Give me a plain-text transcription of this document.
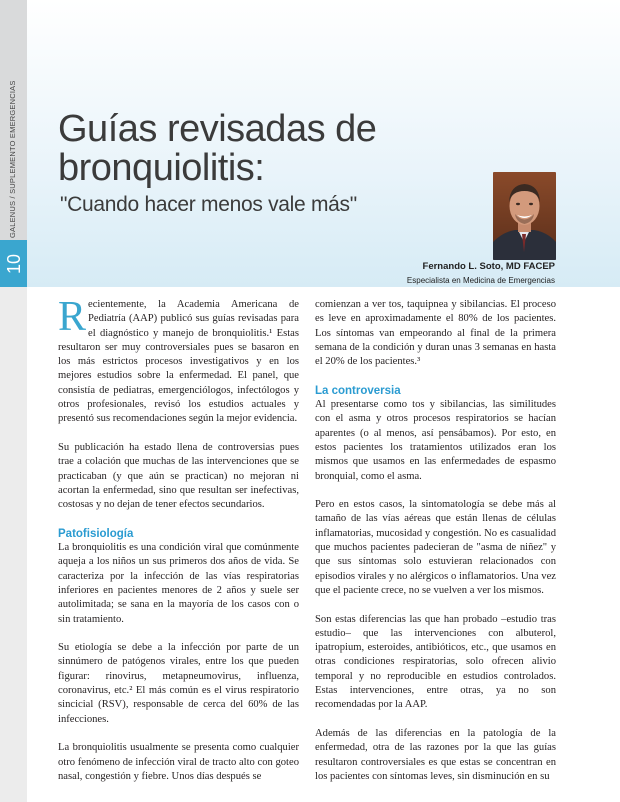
GALENUS / SUPLEMENTO EMERGENCIAS
10
Guías revisadas de
bronquiolitis:
"Cuando hacer menos vale más"
Fernando L. Soto, MD FACEP
Especialista en Medicina de Emergencias

Recientemente, la Academia Americana de Pediatría (AAP) publicó sus guías revisadas para el diagnóstico y manejo de bronquiolitis.¹ Estas resultaron ser muy controversiales pues se basaron en los más estrictos procesos investigativos y en los mejores estudios sobre la enfermedad. El panel, que consistía de pediatras, emergenciólogos, infectólogos y otros profesionales, revisó los estudios actuales y presentó sus recomendaciones según la mejor evidencia.

Su publicación ha estado llena de controversias pues trae a colación que muchas de las intervenciones que se practicaban (y que aún se practican) no mejoran ni acortan la enfermedad, sino que resultan ser inefectivas, costosas y no dejan de tener efectos secundarios.

Patofisiología

La bronquiolitis es una condición viral que comúnmente aqueja a los niños un sus primeros dos años de vida. Se caracteriza por la infección de las vías respiratorias inferiores en pacientes menores de 2 años y suele ser autolimitada; se sana en la mayoría de los casos con o sin tratamiento.

Su etiología se debe a la infección por parte de un sinnúmero de patógenos virales, entre los que pueden figurar: rinovirus, metapneumovirus, influenza, coronavirus, etc.² El más común es el virus respiratorio sincicial (RSV), responsable de cerca del 60% de las infecciones.

La bronquiolitis usualmente se presenta como cualquier otro fenómeno de infección viral de tracto alto con goteo nasal, congestión y fiebre. Unos días después se

comienzan a ver tos, taquipnea y sibilancias. El proceso es leve en aproximadamente el 80% de los pacientes. Los síntomas van empeorando al final de la primera semana de la condición y duran unas 3 semanas en hasta el 20% de los pacientes.³

La controversia

Al presentarse como tos y sibilancias, las similitudes con el asma y otros procesos respiratorios se hacían aparentes (o al menos, así pensábamos). Por esto, en estos pacientes los tratamientos utilizados eran los mismos que usamos en las enfermedades de espasmo bronquial, como el asma.

Pero en estos casos, la sintomatología se debe más al tamaño de las vías aéreas que están llenas de células inflamatorias, mucosidad y congestión. No es casualidad que muchos pacientes padecieran de "asma de niñez" y que sus síntomas solo estuvieran relacionados con episodios virales y no alérgicos o inflamatorios. Una vez que el paciente crece, no se vuelven a ver los mismos.

Son estas diferencias las que han probado –estudio tras estudio– que las intervenciones con albuterol, ipatropium, esteroides, antibióticos, etc., que usamos en otras condiciones respiratorias, solo ofrecen alivio temporal y no reproducible en estudios controlados. Estas intervenciones, entre otras, ya no son recomendadas por la AAP.

Además de las diferencias en la patología de la enfermedad, otra de las razones por la que las guías resultaron controversiales es que estas se concentran en los pacientes con síntomas leves, sin disminución en su
